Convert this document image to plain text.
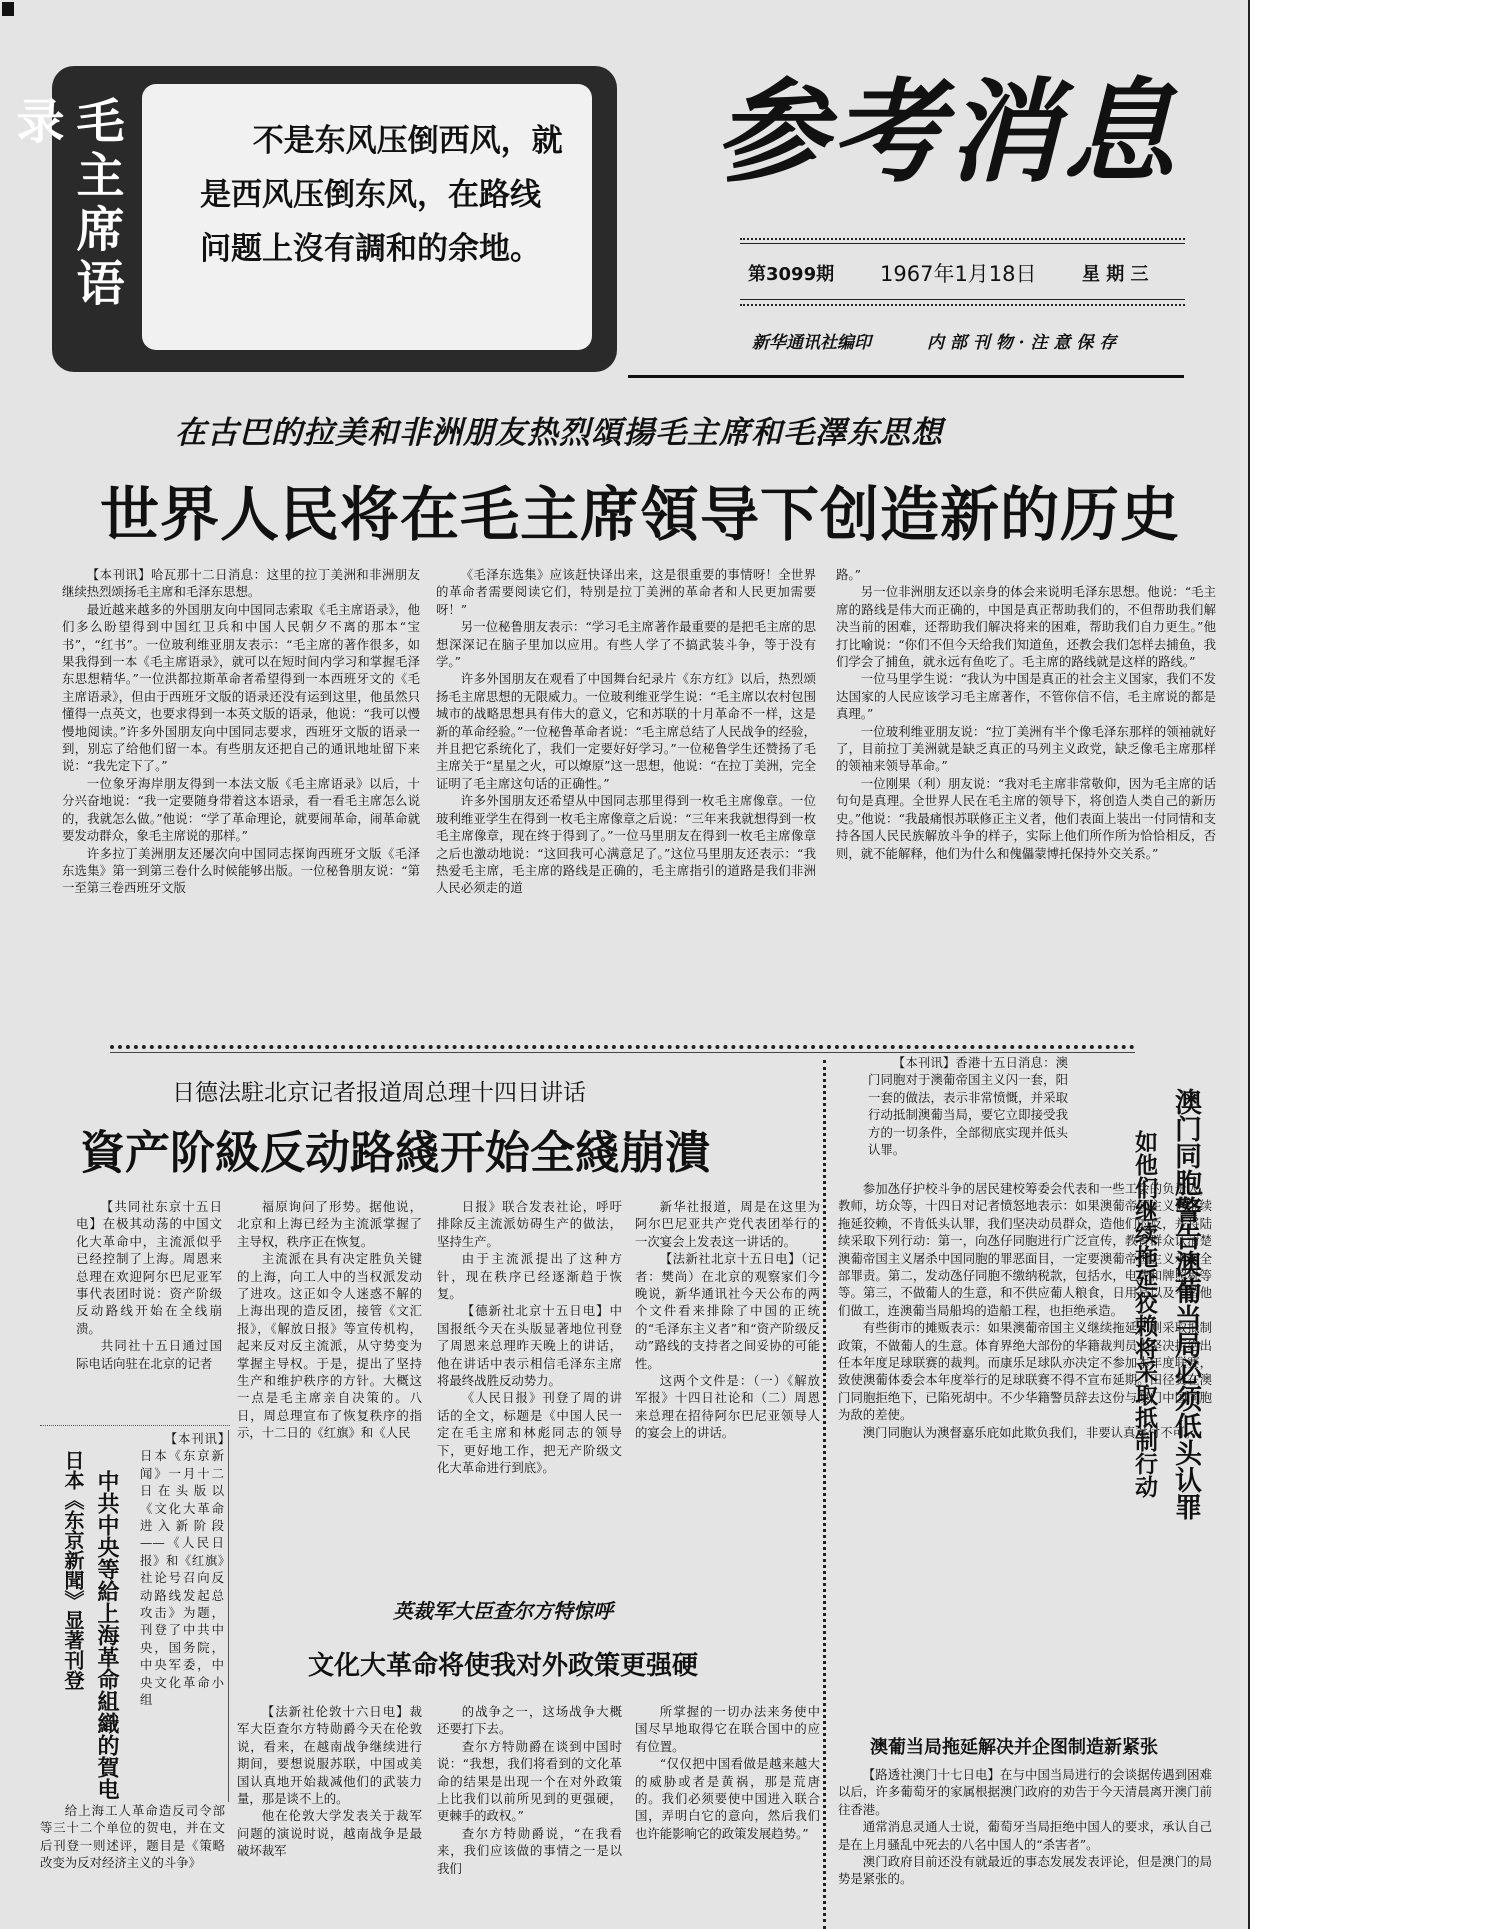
毛主席语录	不是东风压倒西风，就是西风压倒东风，在路线问题上沒有調和的余地。
参考消息
第3099期 1967年1月18日	星 期 三
新华通讯社编印	内 部 刊 物 · 注 意 保 存
在古巴的拉美和非洲朋友热烈頌揚毛主席和毛澤东思想
世界人民将在毛主席領导下创造新的历史

【本刊讯】哈瓦那十二日消息：这里的拉丁美洲和非洲朋友继续热烈颂扬毛主席和毛泽东思想。

最近越来越多的外国朋友向中国同志索取《毛主席语录》，他们多么盼望得到中国红卫兵和中国人民朝夕不离的那本“宝书”，“红书”。一位玻利维亚朋友表示：“毛主席的著作很多，如果我得到一本《毛主席语录》，就可以在短时间内学习和掌握毛泽东思想精华。”一位洪都拉斯革命者希望得到一本西班牙文的《毛主席语录》，但由于西班牙文版的语录还没有运到这里，他虽然只懂得一点英文，也要求得到一本英文版的语录，他说：“我可以慢慢地阅读。”许多外国朋友向中国同志要求，西班牙文版的语录一到，别忘了给他们留一本。有些朋友还把自己的通讯地址留下来说：“我先定下了。”

一位象牙海岸朋友得到一本法文版《毛主席语录》以后，十分兴奋地说：“我一定要随身带着这本语录，看一看毛主席怎么说的，我就怎么做。”他说：“学了革命理论，就要闹革命，闹革命就要发动群众，象毛主席说的那样。”

许多拉丁美洲朋友还屡次向中国同志探询西班牙文版《毛泽东选集》第一到第三卷什么时候能够出版。一位秘鲁朋友说：“第一至第三卷西班牙文版

《毛泽东选集》应该赶快译出来，这是很重要的事情呀！全世界的革命者需要阅读它们，特别是拉丁美洲的革命者和人民更加需要呀！”

另一位秘鲁朋友表示：“学习毛主席著作最重要的是把毛主席的思想深深记在脑子里加以应用。有些人学了不搞武装斗争，等于没有学。”

许多外国朋友在观看了中国舞台纪录片《东方红》以后，热烈颂扬毛主席思想的无限威力。一位玻利维亚学生说：“毛主席以农村包围城市的战略思想具有伟大的意义，它和苏联的十月革命不一样，这是新的革命经验。”一位秘鲁革命者说：“毛主席总结了人民战争的经验，并且把它系统化了，我们一定要好好学习。”一位秘鲁学生还赞扬了毛主席关于“星星之火，可以燎原”这一思想，他说：“在拉丁美洲，完全证明了毛主席这句话的正确性。”

许多外国朋友还希望从中国同志那里得到一枚毛主席像章。一位玻利维亚学生在得到一枚毛主席像章之后说：“三年来我就想得到一枚毛主席像章，现在终于得到了。”一位马里朋友在得到一枚毛主席像章之后也激动地说：“这回我可心满意足了。”这位马里朋友还表示：“我热爱毛主席，毛主席的路线是正确的，毛主席指引的道路是我们非洲人民必须走的道

路。”

另一位非洲朋友还以亲身的体会来说明毛泽东思想。他说：“毛主席的路线是伟大而正确的，中国是真正帮助我们的，不但帮助我们解决当前的困难，还帮助我们解决将来的困难，帮助我们自力更生。”他打比喻说：“你们不但今天给我们知道鱼，还教会我们怎样去捕鱼，我们学会了捕鱼，就永远有鱼吃了。毛主席的路线就是这样的路线。”

一位马里学生说：“我认为中国是真正的社会主义国家，我们不发达国家的人民应该学习毛主席著作，不管你信不信，毛主席说的都是真理。”

一位玻利维亚朋友说：“拉丁美洲有半个像毛泽东那样的领袖就好了，目前拉丁美洲就是缺乏真正的马列主义政党，缺乏像毛主席那样的领袖来领导革命。”

一位刚果（利）朋友说：“我对毛主席非常敬仰，因为毛主席的话句句是真理。全世界人民在毛主席的领导下，将创造人类自己的新历史。”他说：“我最痛恨苏联修正主义者，他们表面上装出一付同情和支持各国人民民族解放斗争的样子，实际上他们所作所为恰恰相反，否则，就不能解释，他们为什么和傀儡蒙博托保持外交关系。”

日德法駐北京记者报道周总理十四日讲话
資产阶級反动路綫开始全綫崩潰

【共同社东京十五日电】在极其动荡的中国文化大革命中，主流派似乎已经控制了上海。周恩来总理在欢迎阿尔巴尼亚军事代表团时说：资产阶级反动路线开始在全线崩溃。

共同社十五日通过国际电话向驻在北京的记者

福原询问了形势。据他说，北京和上海已经为主流派掌握了主导权，秩序正在恢复。

主流派在具有决定胜负关键的上海，向工人中的当权派发动了进攻。这正如令人迷惑不解的上海出现的造反团，接管《文汇报》，《解放日报》等宣传机构，起来反对反主流派，从守势变为掌握主导权。于是，提出了坚持生产和维护秩序的方针。大概这一点是毛主席亲自决策的。八日，周总理宣布了恢复秩序的指示，十二日的《红旗》和《人民

日报》联合发表社论，呼吁排除反主流派妨碍生产的做法，坚持生产。

由于主流派提出了这种方针，现在秩序已经逐渐趋于恢复。

【德新社北京十五日电】中国报纸今天在头版显著地位刊登了周恩来总理昨天晚上的讲话，他在讲话中表示相信毛泽东主席将最终战胜反动势力。

《人民日报》刊登了周的讲话的全文，标题是《中国人民一定在毛主席和林彪同志的领导下，更好地工作，把无产阶级文化大革命进行到底》。

新华社报道，周是在这里为阿尔巴尼亚共产党代表团举行的一次宴会上发表这一讲话的。

【法新社北京十五日电】（记者：樊尚）在北京的观察家们今晚说，新华通讯社今天公布的两个文件看来排除了中国的正统的“毛泽东主义者”和“资产阶级反动”路线的支持者之间妥协的可能性。

这两个文件是：（一）《解放军报》十四日社论和（二）周恩来总理在招待阿尔巴尼亚领导人的宴会上的讲话。

中共中央等給上海革命組織的賀电
日本《东京新聞》显著刊登

【本刊讯】日本《东京新闻》一月十二日在头版以《文化大革命进入新阶段——《人民日报》和《红旗》社论号召向反动路线发起总攻击》为题，刊登了中共中央，国务院，中央军委，中央文化革命小组

给上海工人革命造反司令部等三十二个单位的贺电，并在文后刊登一则述评，题目是《策略改变为反对经济主义的斗争》

英裁军大臣查尔方特惊呼
文化大革命将使我对外政策更强硬

【法新社伦敦十六日电】裁军大臣查尔方特勋爵今天在伦敦说，看来，在越南战争继续进行期间，要想说服苏联，中国或美国认真地开始裁减他们的武装力量，那是谈不上的。

他在伦敦大学发表关于裁军问题的演说时说，越南战争是最破坏裁军

的战争之一，这场战争大概还要打下去。

查尔方特勋爵在谈到中国时说：“我想，我们将看到的文化革命的结果是出现一个在对外政策上比我们以前所见到的更强硬，更棘手的政权。”

查尔方特勋爵说，“在我看来，我们应该做的事情之一是以我们

所掌握的一切办法来务使中国尽早地取得它在联合国中的应有位置。

“仅仅把中国看做是越来越大的威胁或者是黄祸，那是荒唐的。我们必须要使中国进入联合国，弄明白它的意向，然后我们也许能影响它的政策发展趋势。”

澳门同胞警告澳葡当局必须低头认罪
如他们继续拖延狡赖将采取抵制行动

【本刊讯】香港十五日消息：澳门同胞对于澳葡帝国主义闪一套，阳一套的做法，表示非常愤慨，并采取行动抵制澳葡当局，要它立即接受我方的一切条件，全部彻底实现并低头认罪。

参加氹仔护校斗争的居民建校筹委会代表和一些工会的负责人，教师，坊众等，十四日对记者愤怒地表示：如果澳葡帝国主义仍继续拖延狡赖，不肯低头认罪，我们坚决动员群众，造他们的反，并将陆续采取下列行动：第一，向氹仔同胞进行广泛宣传，教育群众认清楚澳葡帝国主义屠杀中国同胞的罪恶面目，一定要澳葡帝国主义承担全部罪责。第二，发动氹仔同胞不缴纳税款，包括水，电费和牌照税等等。第三，不做葡人的生意，和不供应葡人粮食，日用品以及不替他们做工，连澳葡当局船坞的造船工程，也拒绝承造。

有些街市的摊贩表示：如果澳葡帝国主义继续拖延，则采取抵制政策，不做葡人的生意。体育界绝大部份的华籍裁判员也坚决拒绝出任本年度足球联赛的裁判。而康乐足球队亦决定不参加本年度联赛，致使澳葡体委会本年度举行的足球联赛不得不宣布延期。田径赛在澳门同胞拒绝下，已陷死胡中。不少华籍警员辞去这份与澳门中国同胞为敌的差使。

澳门同胞认为澳督嘉乐庇如此欺负我们，非要认真对付不可。

澳葡当局拖延解决并企图制造新紧张

【路透社澳门十七日电】在与中国当局进行的会谈据传遇到困难以后，许多葡萄牙的家属根据澳门政府的劝告于今天清晨离开澳门前往香港。

通常消息灵通人士说，葡萄牙当局拒绝中国人的要求，承认自己是在上月骚乱中死去的八名中国人的“杀害者”。

澳门政府目前还没有就最近的事态发展发表评论，但是澳门的局势是紧张的。
